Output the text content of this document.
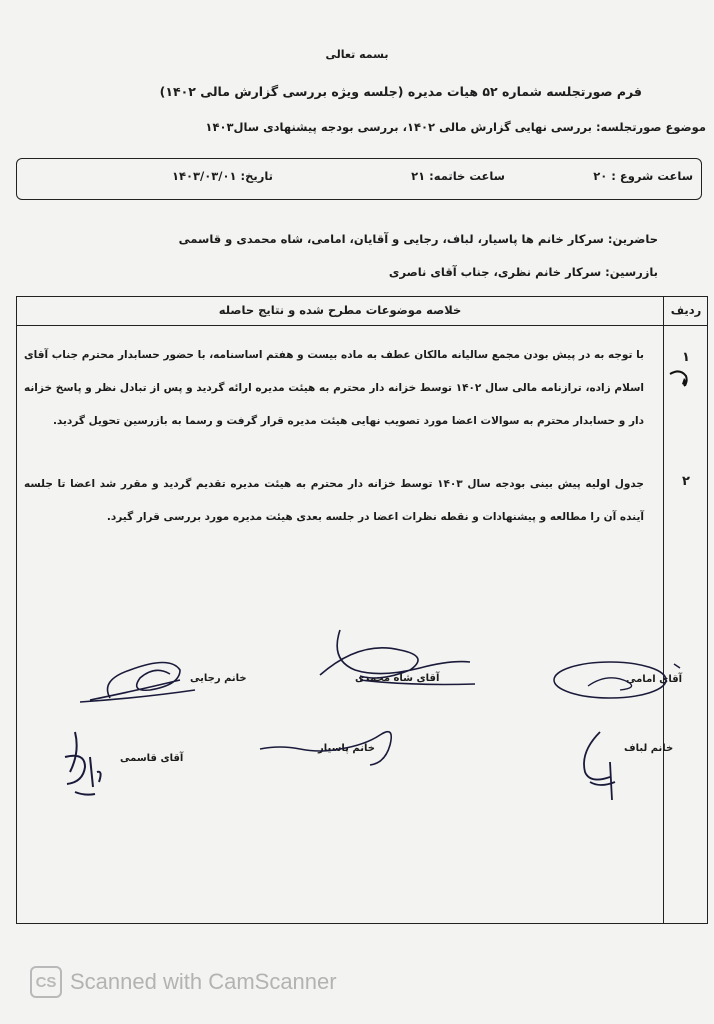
بسمه تعالی
فرم صورتجلسه شماره ۵۲ هیات مدیره (جلسه ویژه بررسی گزارش مالی ۱۴۰۲)
موضوع صورتجلسه: بررسی نهایی گزارش مالی ۱۴۰۲، بررسی بودجه پیشنهادی سال۱۴۰۳
ساعت شروع : ۲۰
ساعت خاتمه: ۲۱
تاریخ: ۱۴۰۳/۰۳/۰۱
حاضرین: سرکار خانم ها پاسیار، لباف، رجایی و آقایان، امامی، شاه محمدی و قاسمی
بازرسین: سرکار خانم نظری، جناب آقای ناصری
خلاصه موضوعات مطرح شده و نتایج حاصله	ردیف
۱
با توجه به در پیش بودن مجمع سالیانه مالکان عطف به ماده بیست و هفتم اساسنامه، با حضور حسابدار محترم جناب آقای اسلام زاده، ترازنامه مالی سال ۱۴۰۲ توسط خزانه دار محترم به هیئت مدیره ارائه گردید و پس از تبادل نظر و پاسخ خزانه دار و حسابدار محترم به سوالات اعضا مورد تصویب نهایی هیئت مدیره قرار گرفت و رسما به بازرسین تحویل گردید.
۲
جدول اولیه پیش بینی بودجه سال ۱۴۰۳ توسط خزانه دار محترم به هیئت مدیره تقدیم گردید و مقرر شد اعضا تا جلسه آینده آن را مطالعه و پیشنهادات و نقطه نظرات اعضا در جلسه بعدی هیئت مدیره مورد بررسی قرار گیرد.
خانم رجایی	آقای شاه محمدی	آقای امامی
آقای قاسمی
خانم پاسیار	خانم لباف
CS Scanned with CamScanner
